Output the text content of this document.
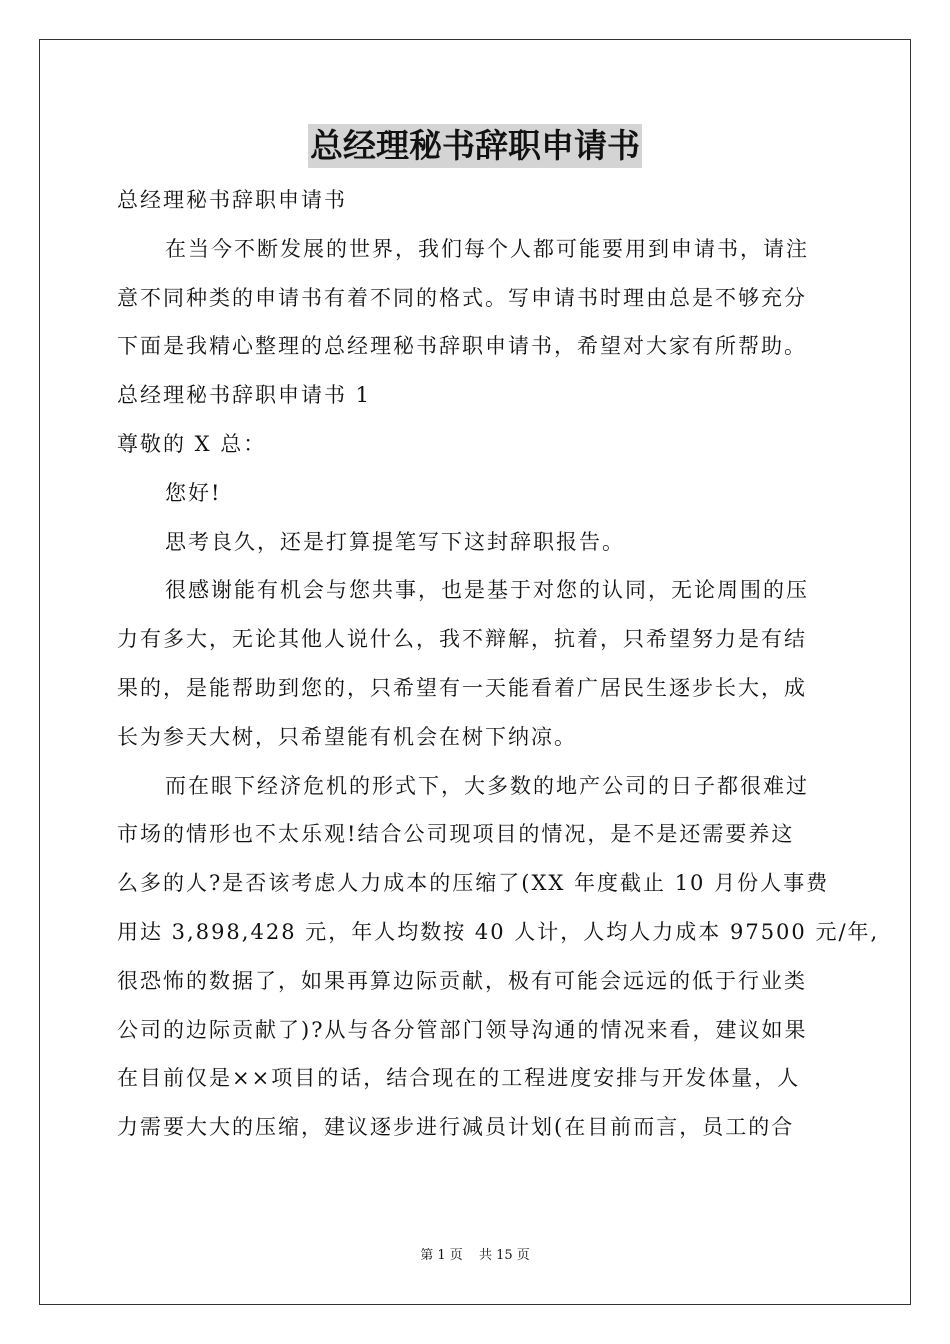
总经理秘书辞职申请书
总经理秘书辞职申请书
在当今不断发展的世界，我们每个人都可能要用到申请书，请注
意不同种类的申请书有着不同的格式。写申请书时理由总是不够充分
下面是我精心整理的总经理秘书辞职申请书，希望对大家有所帮助。
总经理秘书辞职申请书 1
尊敬的 X 总：
您好!
思考良久，还是打算提笔写下这封辞职报告。
很感谢能有机会与您共事，也是基于对您的认同，无论周围的压
力有多大，无论其他人说什么，我不辩解，抗着，只希望努力是有结
果的，是能帮助到您的，只希望有一天能看着广居民生逐步长大，成
长为参天大树，只希望能有机会在树下纳凉。
而在眼下经济危机的形式下，大多数的地产公司的日子都很难过
市场的情形也不太乐观!结合公司现项目的情况，是不是还需要养这
么多的人?是否该考虑人力成本的压缩了(XX 年度截止 10 月份人事费
用达 3,898,428 元，年人均数按 40 人计，人均人力成本 97500 元/年,
很恐怖的数据了，如果再算边际贡献，极有可能会远远的低于行业类
公司的边际贡献了)?从与各分管部门领导沟通的情况来看，建议如果
在目前仅是××项目的话，结合现在的工程进度安排与开发体量，人
力需要大大的压缩，建议逐步进行减员计划(在目前而言，员工的合
第 1 页 共 15 页
